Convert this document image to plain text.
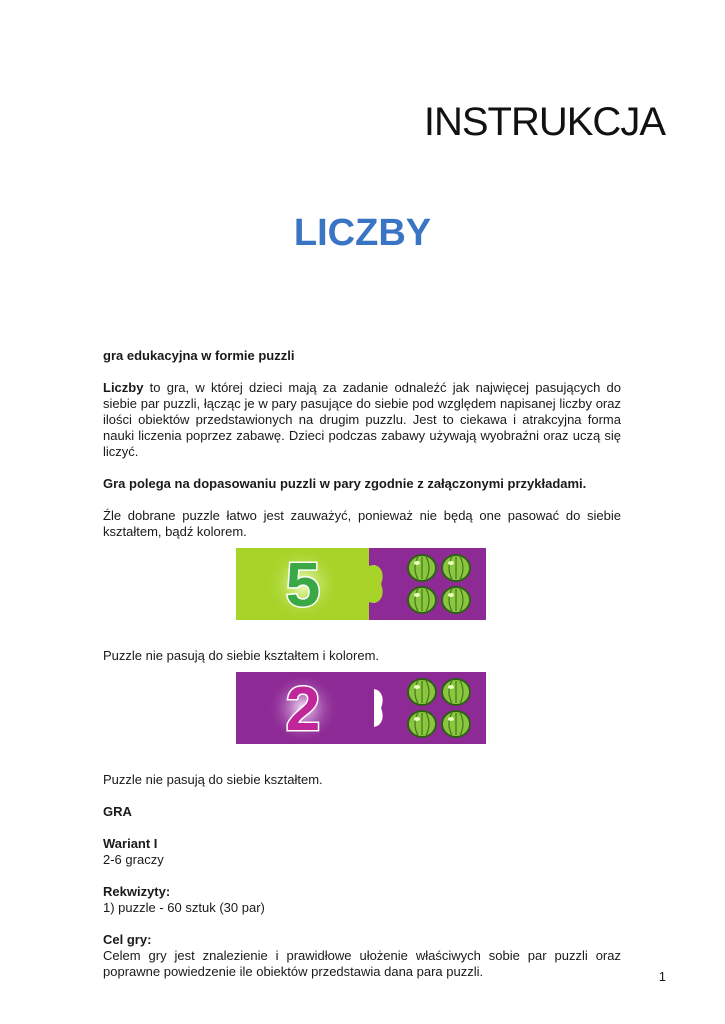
INSTRUKCJA
LICZBY

gra edukacyjna w formie puzzli

Liczby to gra, w której dzieci mają za zadanie odnaleźć jak najwięcej pasujących do siebie par puzzli, łącząc je w pary pasujące do siebie pod względem napisanej liczby oraz ilości obiektów przedstawionych na drugim puzzlu. Jest to ciekawa i atrakcyjna forma nauki liczenia poprzez zabawę. Dzieci podczas zabawy używają wyobraźni oraz uczą się liczyć.

Gra polega na dopasowaniu puzzli w pary zgodnie z załączonymi przykładami.

Źle dobrane puzzle łatwo jest zauważyć, ponieważ nie będą one pasować do siebie kształtem, bądź kolorem.

5

Puzzle nie pasują do siebie kształtem i kolorem.

2

Puzzle nie pasują do siebie kształtem.

GRA

Wariant I

2-6 graczy

Rekwizyty:

1) puzzle - 60 sztuk (30 par)

Cel gry:

Celem gry jest znalezienie i prawidłowe ułożenie właściwych sobie par puzzli oraz poprawne powiedzenie ile obiektów przedstawia dana para puzzli.	1
